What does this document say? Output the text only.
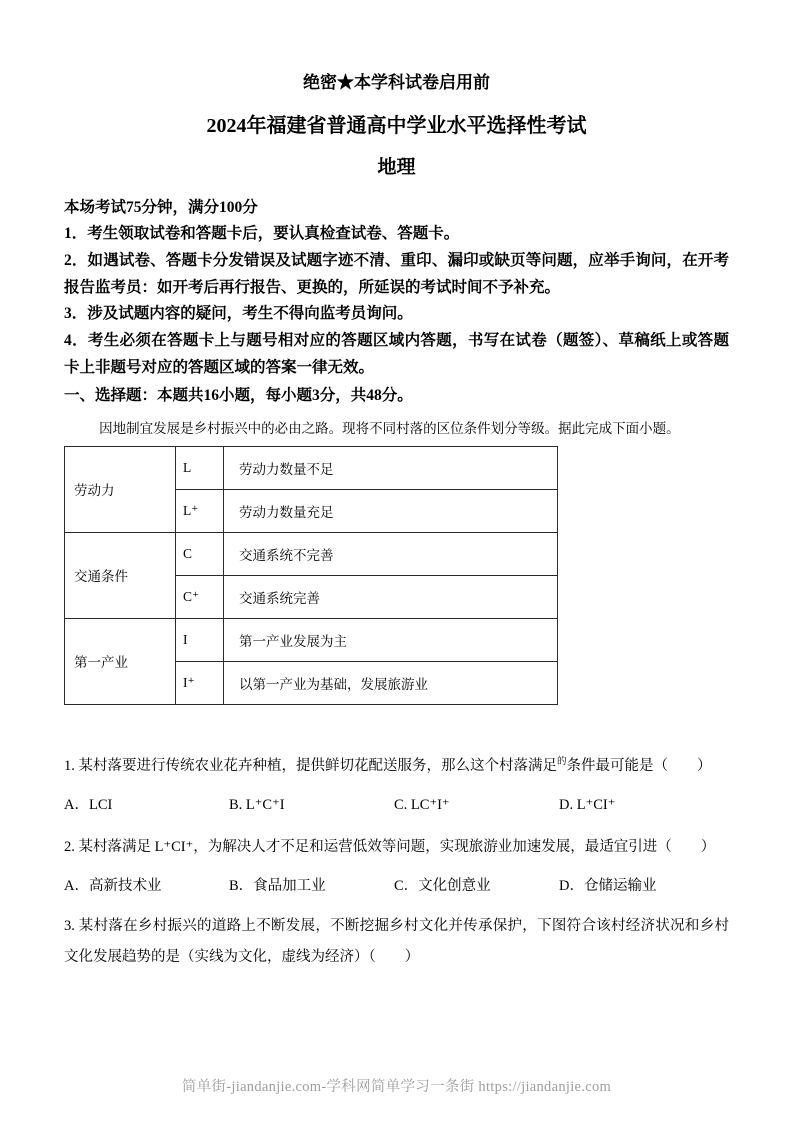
绝密★本学科试卷启用前
2024年福建省普通高中学业水平选择性考试
地理

本场考试75分钟，满分100分

1．考生领取试卷和答题卡后，要认真检查试卷、答题卡。

2．如遇试卷、答题卡分发错误及试题字迹不清、重印、漏印或缺页等问题，应举手询问，在开考报告监考员：如开考后再行报告、更换的，所延误的考试时间不予补充。

3．涉及试题内容的疑问，考生不得向监考员询问。

4．考生必须在答题卡上与题号相对应的答题区域内答题，书写在试卷（题签）、草稿纸上或答题卡上非题号对应的答题区域的答案一律无效。

一、选择题：本题共16小题，每小题3分，共48分。

因地制宜发展是乡村振兴中的必由之路。现将不同村落的区位条件划分等级。据此完成下面小题。

劳动力	L	劳动力数量不足
	L⁺	劳动力数量充足
交通条件	C	交通系统不完善
	C⁺	交通系统完善
第一产业	I	第一产业发展为主
	I⁺	以第一产业为基础，发展旅游业

1. 某村落要进行传统农业花卉种植，提供鲜切花配送服务，那么这个村落满足$^的$条件最可能是（　　）

A．LCI	B. L⁺C⁺I	C. LC⁺I⁺	D. L⁺CI⁺

2. 某村落满足 L⁺CI⁺，为解决人才不足和运营低效等问题，实现旅游业加速发展，最适宜引进（　　）

A．高新技术业	B．食品加工业	C．文化创意业	D．仓储运输业

3. 某村落在乡村振兴的道路上不断发展，不断挖掘乡村文化并传承保护，下图符合该村经济状况和乡村文化发展趋势的是（实线为文化，虚线为经济）（　　）

简单街-jiandanjie.com-学科网简单学习一条街 https://jiandanjie.com
